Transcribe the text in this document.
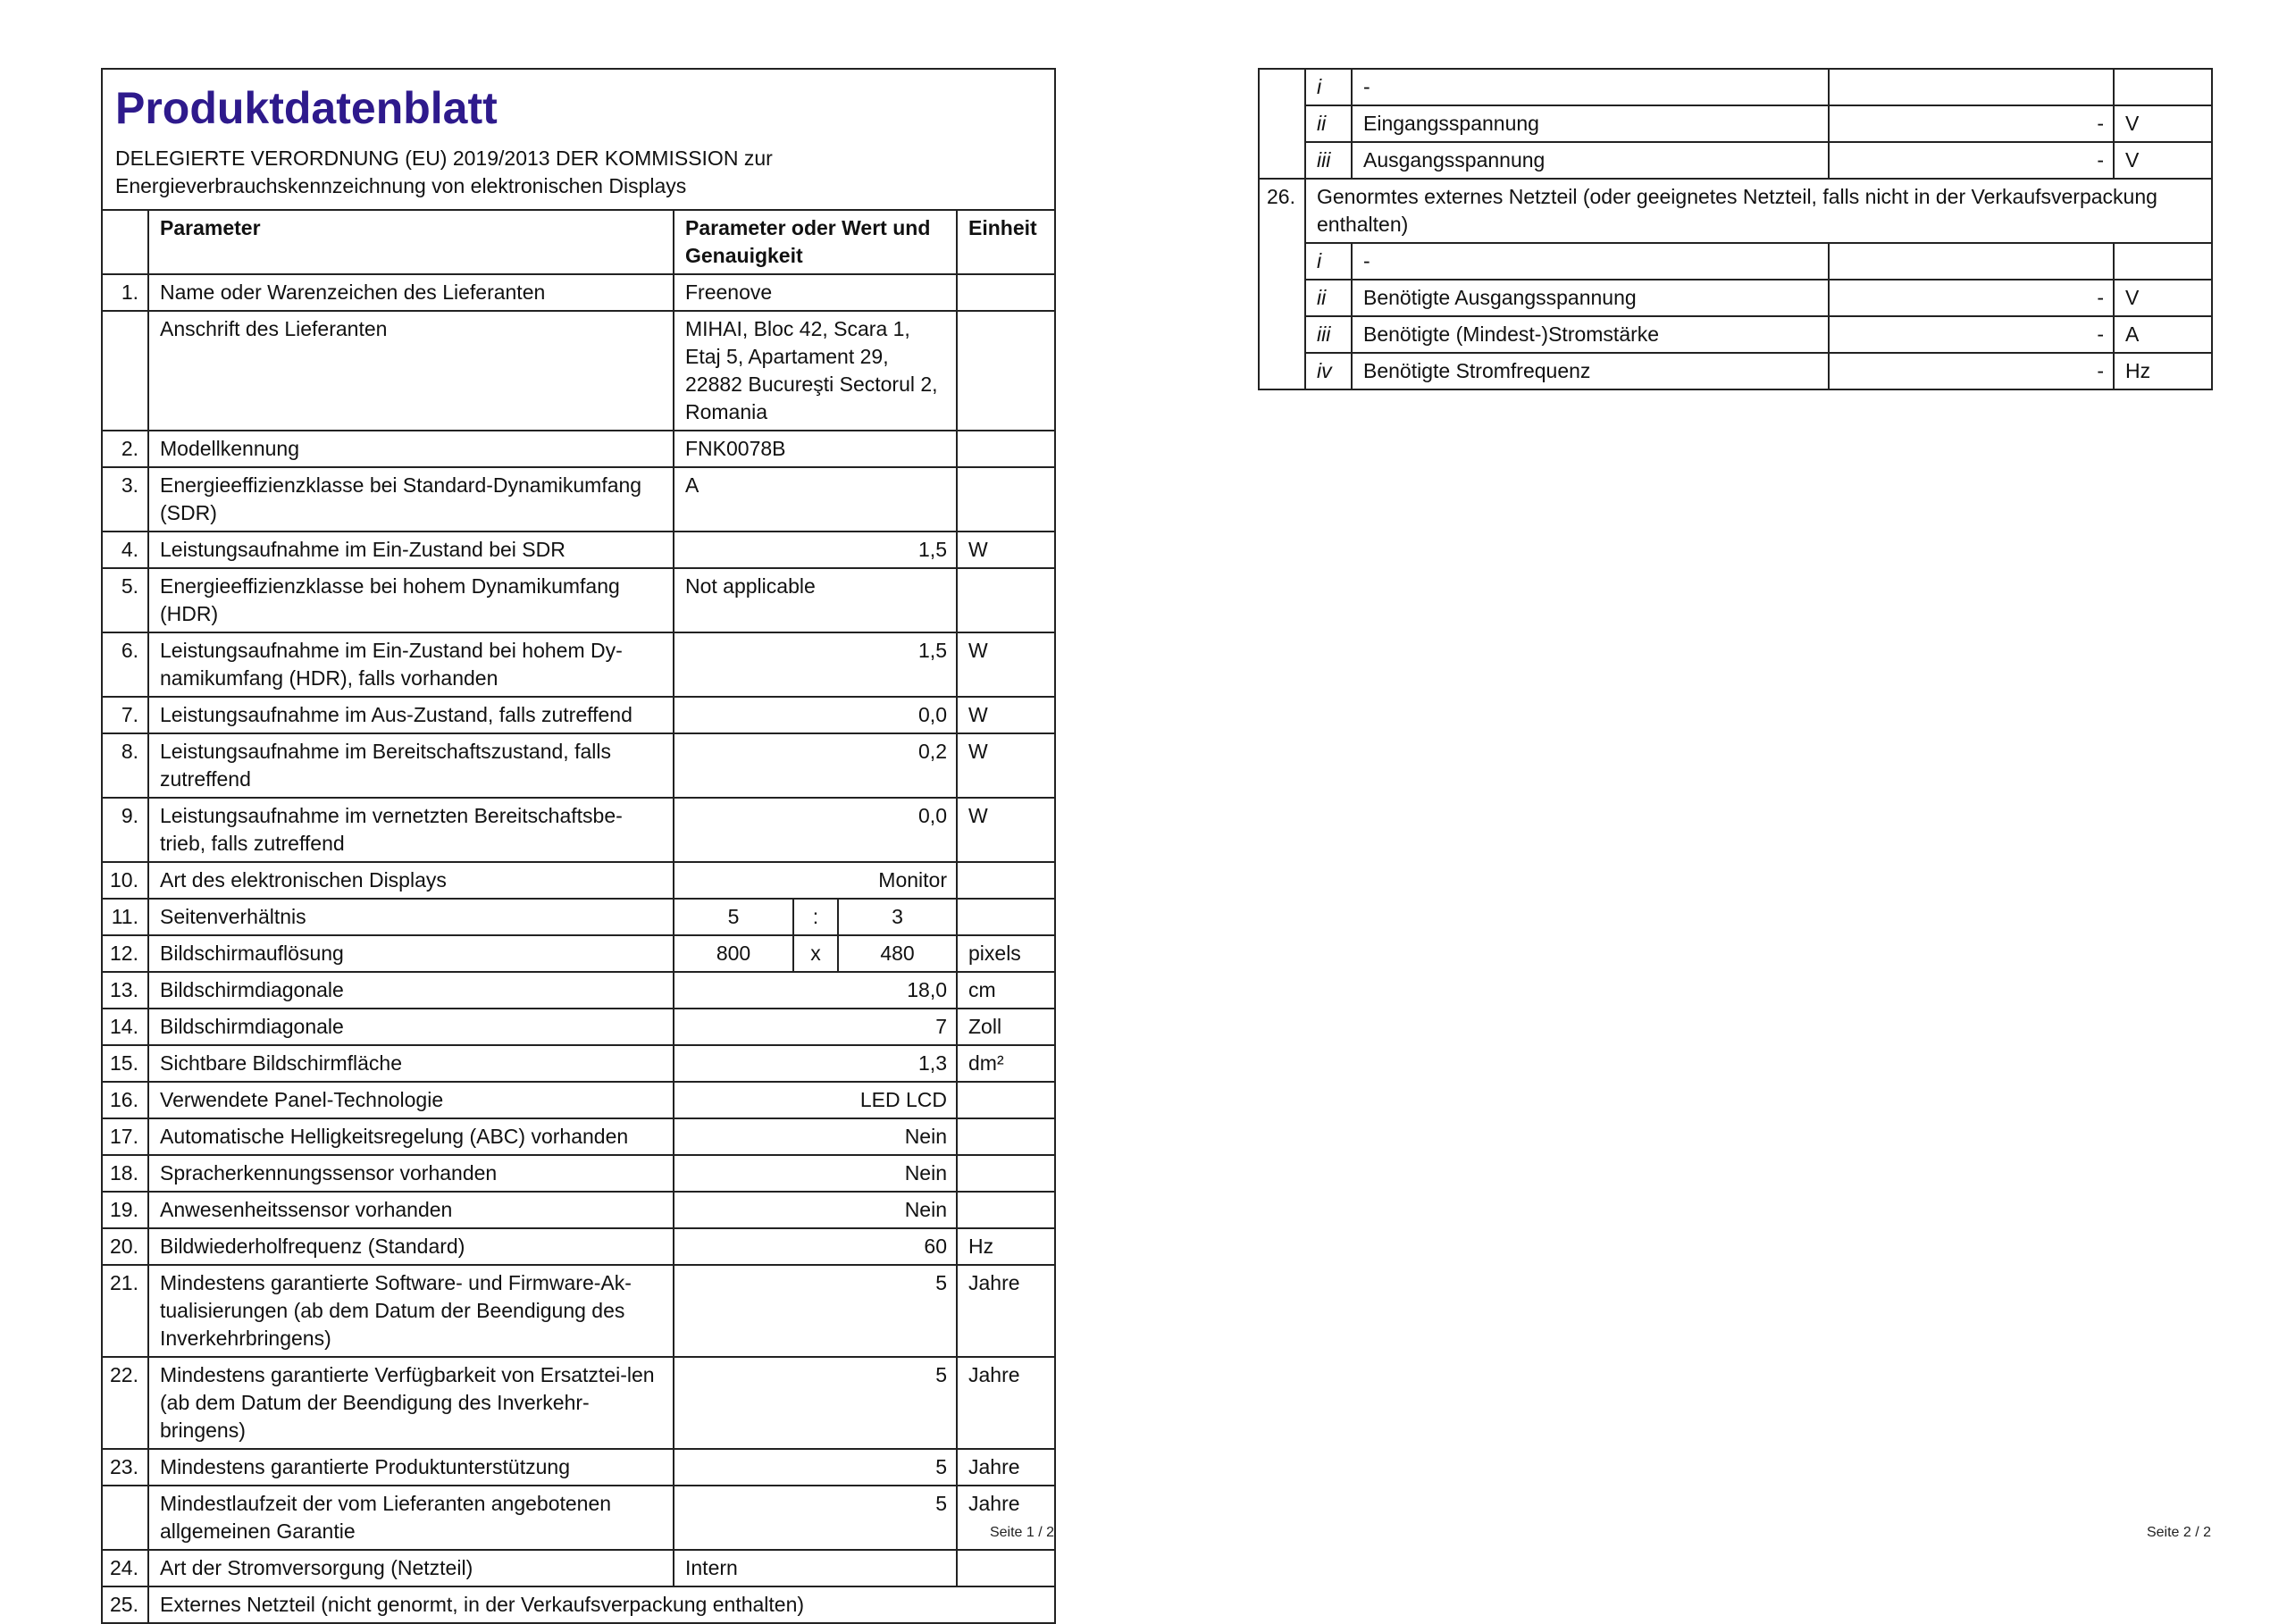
Produktdatenblatt
DELEGIERTE VERORDNUNG (EU) 2019/2013 DER KOMMISSION zur Energieverbrauchskennzeichnung von elektronischen Displays					

	Parameter	Parameter oder Wert und Genauigkeit			Einheit
1.	Name oder Warenzeichen des Lieferanten	Freenove			
	Anschrift des Lieferanten	MIHAI, Bloc 42, Scara 1, Etaj 5, Apartament 29, 22882 Bucureşti Sectorul 2, Romania			
2.	Modellkennung	FNK0078B			
3.	Energieeffizienzklasse bei Standard-Dynamikumfang (SDR)	A			
4.	Leistungsaufnahme im Ein-Zustand bei SDR	1,5			W
5.	Energieeffizienzklasse bei hohem Dynamikumfang (HDR)	Not applicable			
6.	Leistungsaufnahme im Ein-Zustand bei hohem Dy-namikumfang (HDR), falls vorhanden	1,5			W
7.	Leistungsaufnahme im Aus-Zustand, falls zutreffend	0,0			W
8.	Leistungsaufnahme im Bereitschaftszustand, falls zutreffend	0,2			W
9.	Leistungsaufnahme im vernetzten Bereitschaftsbe-trieb, falls zutreffend	0,0			W
10.	Art des elektronischen Displays	Monitor			
11.	Seitenverhältnis	5	:	3	
12.	Bildschirmauflösung	800	x	480	pixels
13.	Bildschirmdiagonale	18,0			cm
14.	Bildschirmdiagonale	7			Zoll
15.	Sichtbare Bildschirmfläche	1,3			dm²
16.	Verwendete Panel-Technologie	LED LCD			
17.	Automatische Helligkeitsregelung (ABC) vorhanden	Nein			
18.	Spracherkennungssensor vorhanden	Nein			
19.	Anwesenheitssensor vorhanden	Nein			
20.	Bildwiederholfrequenz (Standard)	60			Hz
21.	Mindestens garantierte Software- und Firmware-Ak-tualisierungen (ab dem Datum der Beendigung des Inverkehrbringens)	5			Jahre
22.	Mindestens garantierte Verfügbarkeit von Ersatztei-len (ab dem Datum der Beendigung des Inverkehr-bringens)	5			Jahre
23.	Mindestens garantierte Produktunterstützung	5			Jahre
	Mindestlaufzeit der vom Lieferanten angebotenen allgemeinen Garantie	5			Jahre
24.	Art der Stromversorgung (Netzteil)	Intern			
25.	Externes Netzteil (nicht genormt, in der Verkaufsverpackung enthalten)				
Seite 1 / 2
	i	-		
	ii	Eingangsspannung	-	V
	iii	Ausgangsspannung	-	V
26.	Genormtes externes Netzteil (oder geeignetes Netzteil, falls nicht in der Verkaufsverpackung enthalten)			
	i	-		
	ii	Benötigte Ausgangsspannung	-	V
	iii	Benötigte (Mindest-)Stromstärke	-	A
	iv	Benötigte Stromfrequenz	-	Hz
Seite 2 / 2
